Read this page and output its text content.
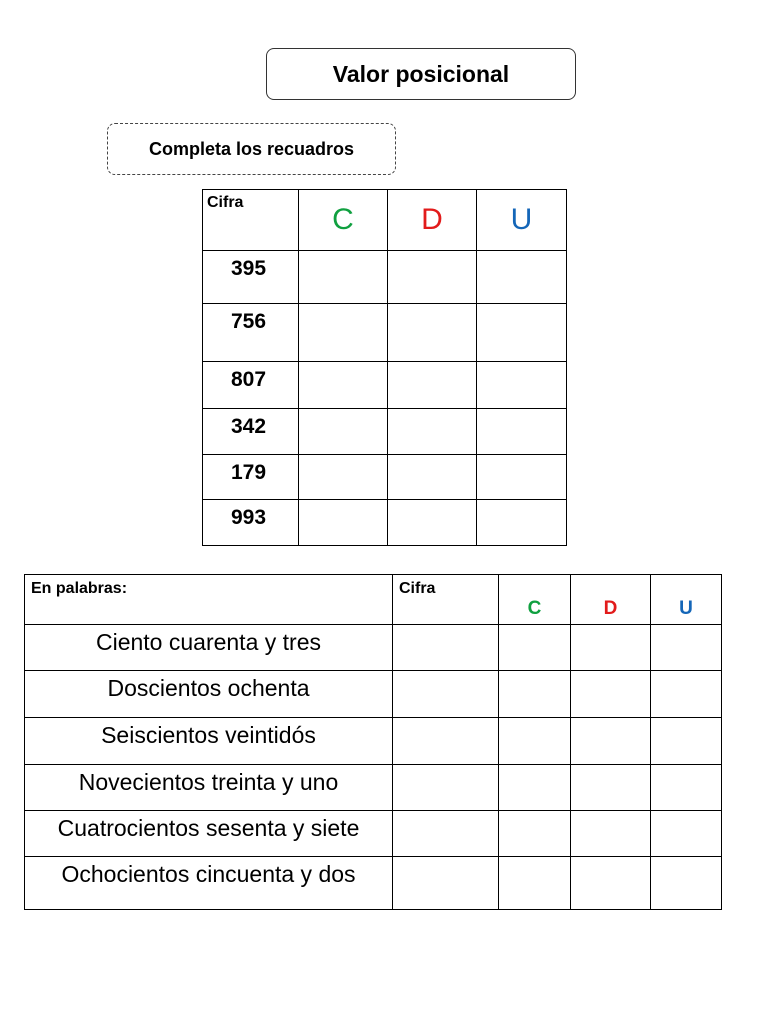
Valor posicional
Completa los recuadros
Cifra	C	D	U
395			
756			
807			
342			
179			
993			
En palabras:	Cifra	C	D	U
Ciento cuarenta y tres				
Doscientos ochenta				
Seiscientos veintidós				
Novecientos treinta y uno				
Cuatrocientos sesenta y siete				
Ochocientos cincuenta y dos				
